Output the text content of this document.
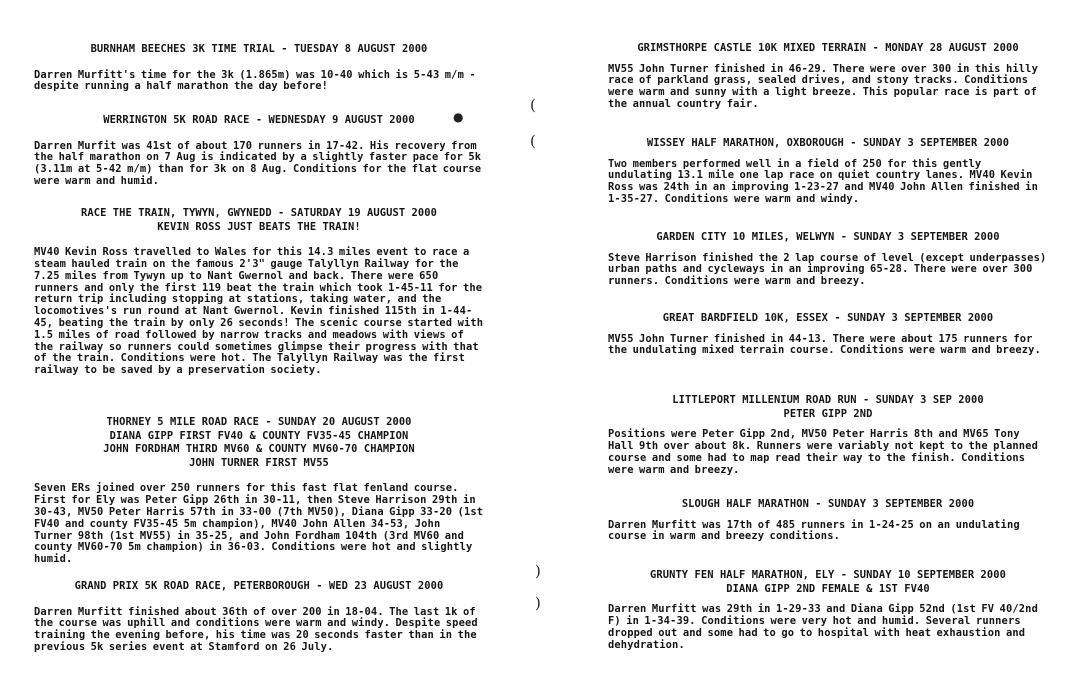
BURNHAM BEECHES 3K TIME TRIAL - TUESDAY 8 AUGUST 2000
Darren Murfitt's time for the 3k (1.865m) was 10-40 which is 5-43 m/m - despite running a half marathon the day before!
WERRINGTON 5K ROAD RACE - WEDNESDAY 9 AUGUST 2000
Darren Murfit was 41st of about 170 runners in 17-42. His recovery from the half marathon on 7 Aug is indicated by a slightly faster pace for 5k (3.11m at 5-42 m/m) than for 3k on 8 Aug. Conditions for the flat course were warm and humid.
RACE THE TRAIN, TYWYN, GWYNEDD - SATURDAY 19 AUGUST 2000
KEVIN ROSS JUST BEATS THE TRAIN!
MV40 Kevin Ross travelled to Wales for this 14.3 miles event to race a steam hauled train on the famous 2'3" gauge Talyllyn Railway for the 7.25 miles from Tywyn up to Nant Gwernol and back. There were 650 runners and only the first 119 beat the train which took 1-45-11 for the return trip including stopping at stations, taking water, and the locomotives's run round at Nant Gwernol. Kevin finished 115th in 1-44-45, beating the train by only 26 seconds! The scenic course started with 1.5 miles of road followed by narrow tracks and meadows with views of the railway so runners could sometimes glimpse their progress with that of the train. Conditions were hot. The Talyllyn Railway was the first railway to be saved by a preservation society.
THORNEY 5 MILE ROAD RACE - SUNDAY 20 AUGUST 2000
DIANA GIPP FIRST FV40 & COUNTY FV35-45 CHAMPION
JOHN FORDHAM THIRD MV60 & COUNTY MV60-70 CHAMPION
JOHN TURNER FIRST MV55
Seven ERs joined over 250 runners for this fast flat fenland course. First for Ely was Peter Gipp 26th in 30-11, then Steve Harrison 29th in 30-43, MV50 Peter Harris 57th in 33-00 (7th MV50), Diana Gipp 33-20 (1st FV40 and county FV35-45 5m champion), MV40 John Allen 34-53, John Turner 98th (1st MV55) in 35-25, and John Fordham 104th (3rd MV60 and county MV60-70 5m champion) in 36-03. Conditions were hot and slightly humid.
GRAND PRIX 5K ROAD RACE, PETERBOROUGH - WED 23 AUGUST 2000
Darren Murfitt finished about 36th of over 200 in 18-04. The last 1k of the course was uphill and conditions were warm and windy. Despite speed training the evening before, his time was 20 seconds faster than in the previous 5k series event at Stamford on 26 July.
GRIMSTHORPE CASTLE 10K MIXED TERRAIN - MONDAY 28 AUGUST 2000
MV55 John Turner finished in 46-29. There were over 300 in this hilly race of parkland grass, sealed drives, and stony tracks. Conditions were warm and sunny with a light breeze. This popular race is part of the annual country fair.
WISSEY HALF MARATHON, OXBOROUGH - SUNDAY 3 SEPTEMBER 2000
Two members performed well in a field of 250 for this gently undulating 13.1 mile one lap race on quiet country lanes. MV40 Kevin Ross was 24th in an improving 1-23-27 and MV40 John Allen finished in 1-35-27. Conditions were warm and windy.
GARDEN CITY 10 MILES, WELWYN - SUNDAY 3 SEPTEMBER 2000
Steve Harrison finished the 2 lap course of level (except underpasses) urban paths and cycleways in an improving 65-28. There were over 300 runners. Conditions were warm and breezy.
GREAT BARDFIELD 10K, ESSEX - SUNDAY 3 SEPTEMBER 2000
MV55 John Turner finished in 44-13. There were about 175 runners for the undulating mixed terrain course. Conditions were warm and breezy.
LITTLEPORT MILLENIUM ROAD RUN - SUNDAY 3 SEP 2000
PETER GIPP 2ND
Positions were Peter Gipp 2nd, MV50 Peter Harris 8th and MV65 Tony Hall 9th over about 8k. Runners were variably not kept to the planned course and some had to map read their way to the finish. Conditions were warm and breezy.
SLOUGH HALF MARATHON - SUNDAY 3 SEPTEMBER 2000
Darren Murfitt was 17th of 485 runners in 1-24-25 on an undulating course in warm and breezy conditions.
GRUNTY FEN HALF MARATHON, ELY - SUNDAY 10 SEPTEMBER 2000
DIANA GIPP 2ND FEMALE & 1ST FV40
Darren Murfitt was 29th in 1-29-33 and Diana Gipp 52nd (1st FV 40/2nd F) in 1-34-39. Conditions were very hot and humid. Several runners dropped out and some had to go to hospital with heat exhaustion and dehydration.
●
(
(
)
)
